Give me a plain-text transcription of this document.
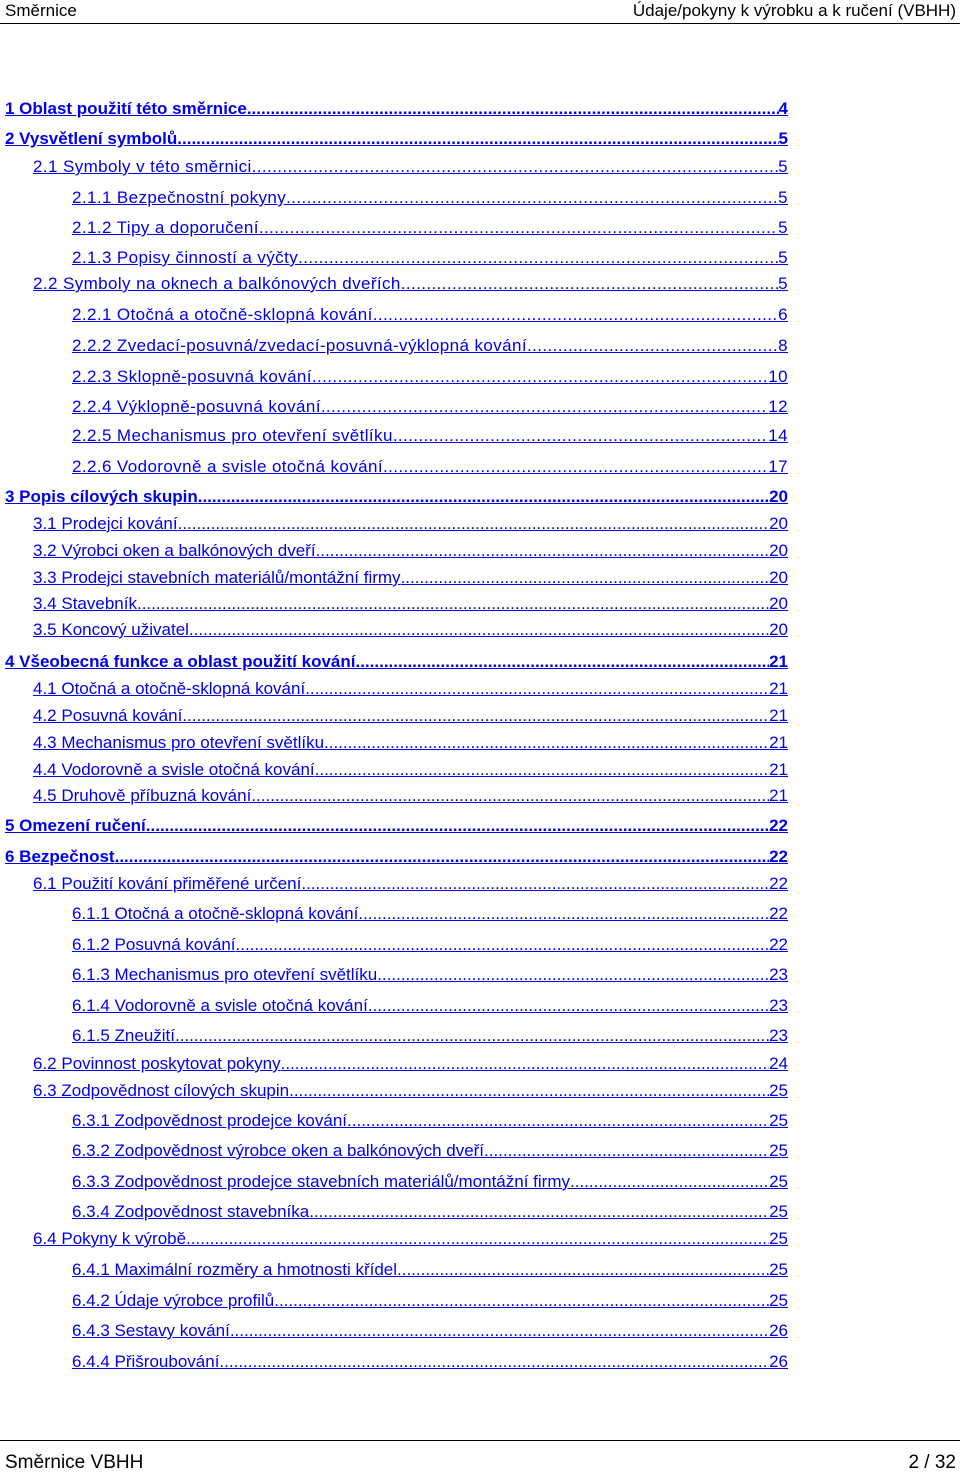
Směrnice	Údaje/pokyny k výrobku a k ručení (VBHH)
1 Oblast použití této směrnice .....	4
2 Vysvětlení symbolů .....	5
2.1 Symboly v této směrnici .....	5
2.1.1 Bezpečnostní pokyny .....	5
2.1.2 Tipy a doporučení .....	5
2.1.3 Popisy činností a výčty .....	5
2.2 Symboly na oknech a balkónových dveřích .....	5
2.2.1 Otočná a otočně-sklopná kování .....	6
2.2.2 Zvedací-posuvná/zvedací-posuvná-výklopná kování .....	8
2.2.3 Sklopně-posuvná kování .....	10
2.2.4 Výklopně-posuvná kování .....	12
2.2.5 Mechanismus pro otevření světlíku .....	14
2.2.6 Vodorovně a svisle otočná kování .....	17
3 Popis cílových skupin .....	20
3.1 Prodejci kování .....	20
3.2 Výrobci oken a balkónových dveří .....	20
3.3 Prodejci stavebních materiálů/montážní firmy .....	20
3.4 Stavebník .....	20
3.5 Koncový uživatel .....	20
4 Všeobecná funkce a oblast použití kování .....	21
4.1 Otočná a otočně-sklopná kování .....	21
4.2 Posuvná kování .....	21
4.3 Mechanismus pro otevření světlíku .....	21
4.4 Vodorovně a svisle otočná kování .....	21
4.5 Druhově příbuzná kování .....	21
5 Omezení ručení .....	22
6 Bezpečnost .....	22
6.1 Použití kování přiměřené určení .....	22
6.1.1 Otočná a otočně-sklopná kování .....	22
6.1.2 Posuvná kování .....	22
6.1.3 Mechanismus pro otevření světlíku .....	23
6.1.4 Vodorovně a svisle otočná kování .....	23
6.1.5 Zneužití .....	23
6.2 Povinnost poskytovat pokyny .....	24
6.3 Zodpovědnost cílových skupin .....	25
6.3.1 Zodpovědnost prodejce kování .....	25
6.3.2 Zodpovědnost výrobce oken a balkónových dveří .....	25
6.3.3 Zodpovědnost prodejce stavebních materiálů/montážní firmy .....	25
6.3.4 Zodpovědnost stavebníka .....	25
6.4 Pokyny k výrobě .....	25
6.4.1 Maximální rozměry a hmotnosti křídel .....	25
6.4.2 Údaje výrobce profilů .....	25
6.4.3 Sestavy kování .....	26
6.4.4 Přišroubování .....	26
Směrnice VBHH	2 / 32
